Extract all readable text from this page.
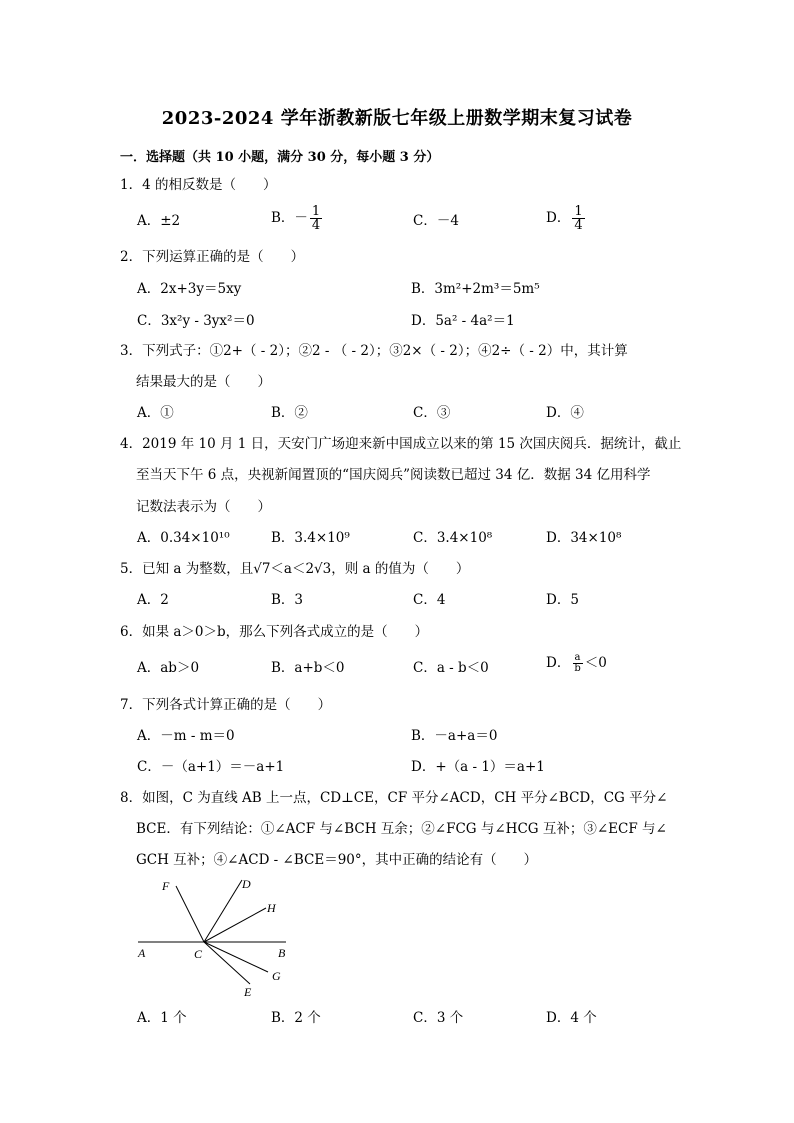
2023-2024 学年浙教新版七年级上册数学期末复习试卷
一．选择题（共 10 小题，满分 30 分，每小题 3 分）
1．4 的相反数是（　　）
A．±2	B．－ $\frac{1}{4}$	C．－4	D． $\frac{1}{4}$
2．下列运算正确的是（　　）
A．2x+3y＝5xy	B．3m²+2m³＝5m⁵
C．3x²y - 3yx²＝0	D．5a² - 4a²＝1
3．下列式子：①2+（ - 2）；②2 - （ - 2）；③2×（ - 2）；④2÷（ - 2）中，其计算
结果最大的是（　　）
A．①	B．②	C．③	D．④
4．2019 年 10 月 1 日，天安门广场迎来新中国成立以来的第 15 次国庆阅兵．据统计，截止
至当天下午 6 点，央视新闻置顶的“国庆阅兵”阅读数已超过 34 亿．数据 34 亿用科学
记数法表示为（　　）
A．0.34×10¹⁰	B．3.4×10⁹	C．3.4×10⁸	D．34×10⁸
5．已知 a 为整数，且√7＜a＜2√3，则 a 的值为（　　）
A．2	B．3	C．4	D．5
6．如果 a＞0＞b，那么下列各式成立的是（　　）
A．ab＞0	B．a+b＜0	C．a - b＜0	D． $\frac{a}{b} <0$
7．下列各式计算正确的是（　　）
A．－m - m＝0	B．－a+a＝0
C．－（a+1）＝－a+1	D．+（a - 1）＝a+1
8．如图，C 为直线 AB 上一点，CD⊥CE，CF 平分∠ACD，CH 平分∠BCD，CG 平分∠
BCE．有下列结论：①∠ACF 与∠BCH 互余；②∠FCG 与∠HCG 互补；③∠ECF 与∠
GCH 互补；④∠ACD - ∠BCE＝90°，其中正确的结论有（　　）
F	D
H
A	C	B
G
E
A．1 个	B．2 个	C．3 个	D．4 个
